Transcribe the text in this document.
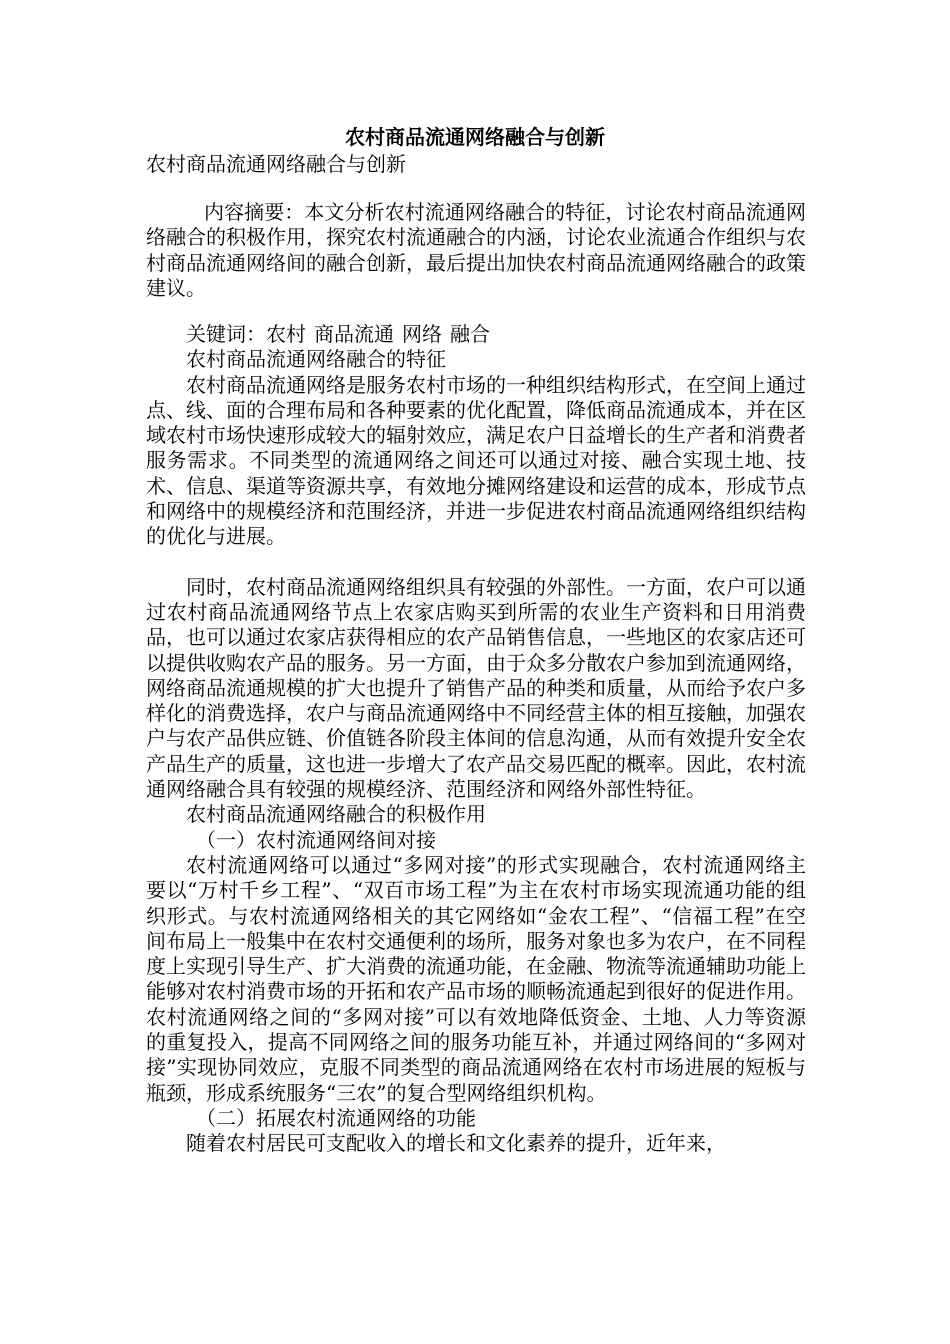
农村商品流通网络融合与创新
农村商品流通网络融合与创新

内容摘要：本文分析农村流通网络融合的特征，讨论农村商品流通网络融合的积极作用，探究农村流通融合的内涵，讨论农业流通合作组织与农村商品流通网络间的融合创新，最后提出加快农村商品流通网络融合的政策建议。

关键词：农村 商品流通 网络 融合

农村商品流通网络融合的特征

农村商品流通网络是服务农村市场的一种组织结构形式，在空间上通过点、线、面的合理布局和各种要素的优化配置，降低商品流通成本，并在区域农村市场快速形成较大的辐射效应，满足农户日益增长的生产者和消费者服务需求。不同类型的流通网络之间还可以通过对接、融合实现土地、技术、信息、渠道等资源共享，有效地分摊网络建设和运营的成本，形成节点和网络中的规模经济和范围经济，并进一步促进农村商品流通网络组织结构的优化与进展。

同时，农村商品流通网络组织具有较强的外部性。一方面，农户可以通过农村商品流通网络节点上农家店购买到所需的农业生产资料和日用消费品，也可以通过农家店获得相应的农产品销售信息，一些地区的农家店还可以提供收购农产品的服务。另一方面，由于众多分散农户参加到流通网络，网络商品流通规模的扩大也提升了销售产品的种类和质量，从而给予农户多样化的消费选择，农户与商品流通网络中不同经营主体的相互接触，加强农户与农产品供应链、价值链各阶段主体间的信息沟通，从而有效提升安全农产品生产的质量，这也进一步增大了农产品交易匹配的概率。因此，农村流通网络融合具有较强的规模经济、范围经济和网络外部性特征。

农村商品流通网络融合的积极作用

（一）农村流通网络间对接

农村流通网络可以通过“多网对接”的形式实现融合，农村流通网络主要以“万村千乡工程”、“双百市场工程”为主在农村市场实现流通功能的组织形式。与农村流通网络相关的其它网络如“金农工程”、“信福工程”在空间布局上一般集中在农村交通便利的场所，服务对象也多为农户，在不同程度上实现引导生产、扩大消费的流通功能，在金融、物流等流通辅助功能上能够对农村消费市场的开拓和农产品市场的顺畅流通起到很好的促进作用。农村流通网络之间的“多网对接”可以有效地降低资金、土地、人力等资源的重复投入，提高不同网络之间的服务功能互补，并通过网络间的“多网对接”实现协同效应，克服不同类型的商品流通网络在农村市场进展的短板与瓶颈，形成系统服务“三农”的复合型网络组织机构。

（二）拓展农村流通网络的功能

随着农村居民可支配收入的增长和文化素养的提升，近年来，
